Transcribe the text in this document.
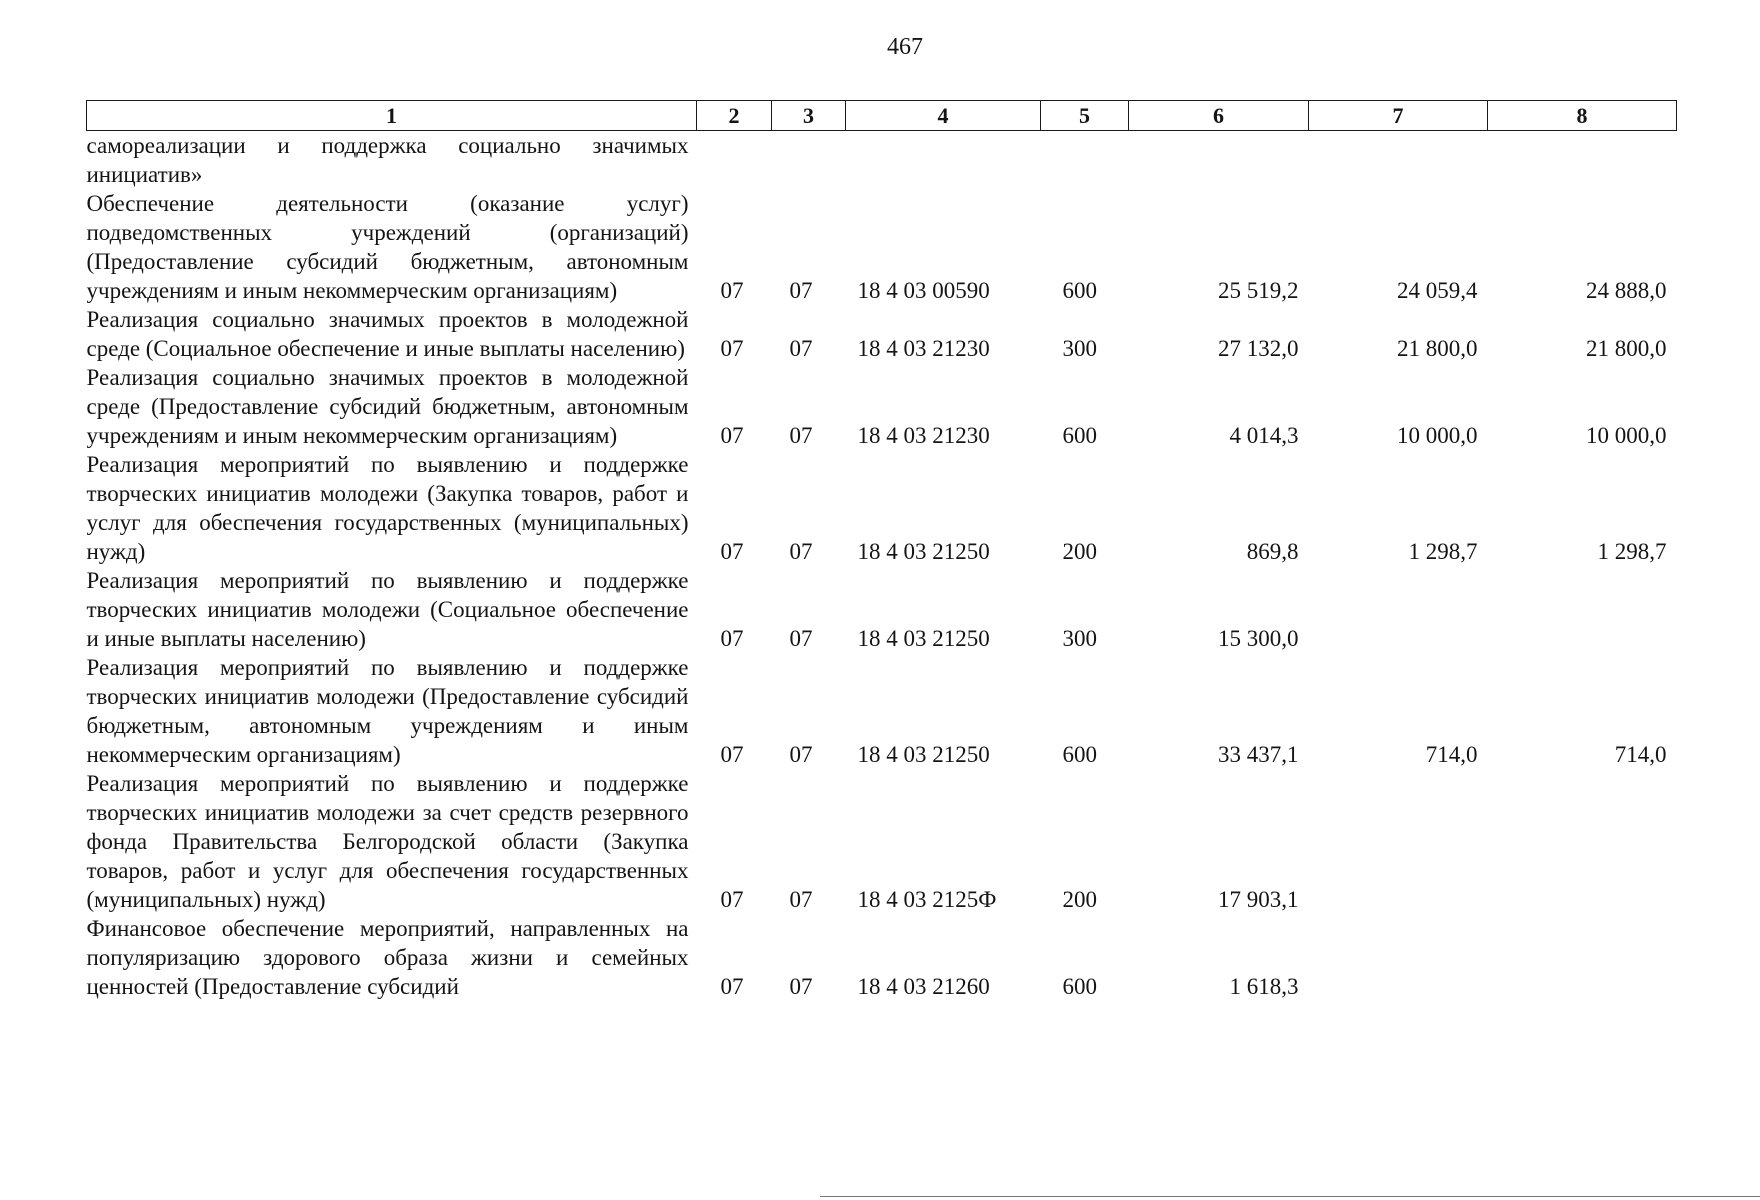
467
1	2	3	4	5	6	7	8
самореализации и поддержка социально значимых инициатив»							
Обеспечение деятельности (оказание услуг) подведомственных учреждений (организаций) (Предоставление субсидий бюджетным, автономным учреждениям и иным некоммерческим организациям)	07	07	18 4 03 00590	600	25 519,2	24 059,4	24 888,0
Реализация социально значимых проектов в молодежной среде (Социальное обеспечение и иные выплаты населению)	07	07	18 4 03 21230	300	27 132,0	21 800,0	21 800,0
Реализация социально значимых проектов в молодежной среде (Предоставление субсидий бюджетным, автономным учреждениям и иным некоммерческим организациям)	07	07	18 4 03 21230	600	4 014,3	10 000,0	10 000,0
Реализация мероприятий по выявлению и поддержке творческих инициатив молодежи (Закупка товаров, работ и услуг для обеспечения государственных (муниципальных) нужд)	07	07	18 4 03 21250	200	869,8	1 298,7	1 298,7
Реализация мероприятий по выявлению и поддержке творческих инициатив молодежи (Социальное обеспечение и иные выплаты населению)	07	07	18 4 03 21250	300	15 300,0		
Реализация мероприятий по выявлению и поддержке творческих инициатив молодежи (Предоставление субсидий бюджетным, автономным учреждениям и иным некоммерческим организациям)	07	07	18 4 03 21250	600	33 437,1	714,0	714,0
Реализация мероприятий по выявлению и поддержке творческих инициатив молодежи за счет средств резервного фонда Правительства Белгородской области (Закупка товаров, работ и услуг для обеспечения государственных (муниципальных) нужд)	07	07	18 4 03 2125Ф	200	17 903,1		
Финансовое обеспечение мероприятий, направленных на популяризацию здорового образа жизни и семейных ценностей (Предоставление субсидий	07	07	18 4 03 21260	600	1 618,3		
